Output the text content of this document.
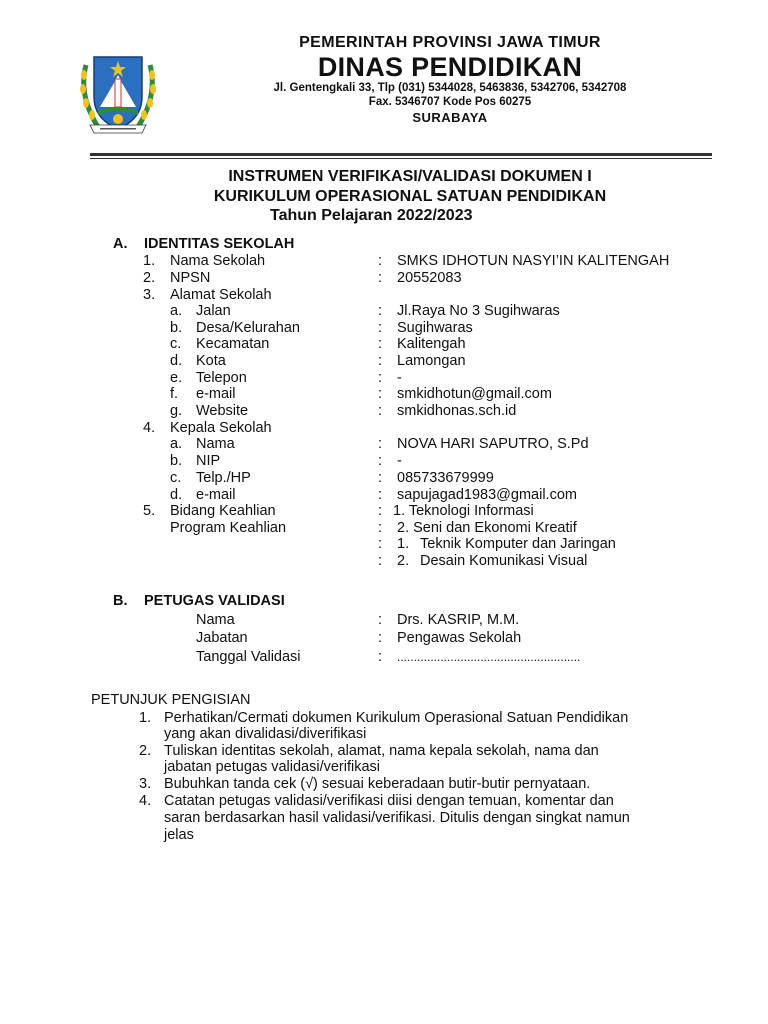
PEMERINTAH PROVINSI JAWA TIMUR
DINAS PENDIDIKAN
Jl. Gentengkali 33, Tlp (031) 5344028, 5463836, 5342706, 5342708
Fax. 5346707 Kode Pos 60275
SURABAYA
INSTRUMEN VERIFIKASI/VALIDASI DOKUMEN I
KURIKULUM OPERASIONAL SATUAN PENDIDIKAN
Tahun Pelajaran 2022/2023
A. IDENTITAS SEKOLAH
1. Nama Sekolah	:	SMKS IDHOTUN NASYI’IN KALITENGAH
2. NPSN	:	20552083
3. Alamat Sekolah
a. Jalan	:	Jl.Raya No 3 Sugihwaras
b. Desa/Kelurahan	:	Sugihwaras
c. Kecamatan	:	Kalitengah
d. Kota	:	Lamongan
e. Telepon	:	-
f. e-mail	:	smkidhotun@gmail.com
g. Website	:	smkidhonas.sch.id
4. Kepala Sekolah
a. Nama	:	NOVA HARI SAPUTRO, S.Pd
b. NIP	:	-
c. Telp./HP	:	085733679999
d. e-mail	:	sapujagad1983@gmail.com
5. Bidang Keahlian	: 1. Teknologi Informasi
Program Keahlian	:	2. Seni dan Ekonomi Kreatif
:	1. Teknik Komputer dan Jaringan
:	2. Desain Komunikasi Visual
B. PETUGAS VALIDASI
Nama	:	Drs. KASRIP, M.M.
Jabatan	:	Pengawas Sekolah
Tanggal Validasi	:	.......................................................
PETUNJUK PENGISIAN
1. Perhatikan/Cermati dokumen Kurikulum Operasional Satuan Pendidikan
yang akan divalidasi/diverifikasi
2. Tuliskan identitas sekolah, alamat, nama kepala sekolah, nama dan
jabatan petugas validasi/verifikasi
3. Bubuhkan tanda cek (√) sesuai keberadaan butir-butir pernyataan.
4. Catatan petugas validasi/verifikasi diisi dengan temuan, komentar dan
saran berdasarkan hasil validasi/verifikasi. Ditulis dengan singkat namun
jelas
